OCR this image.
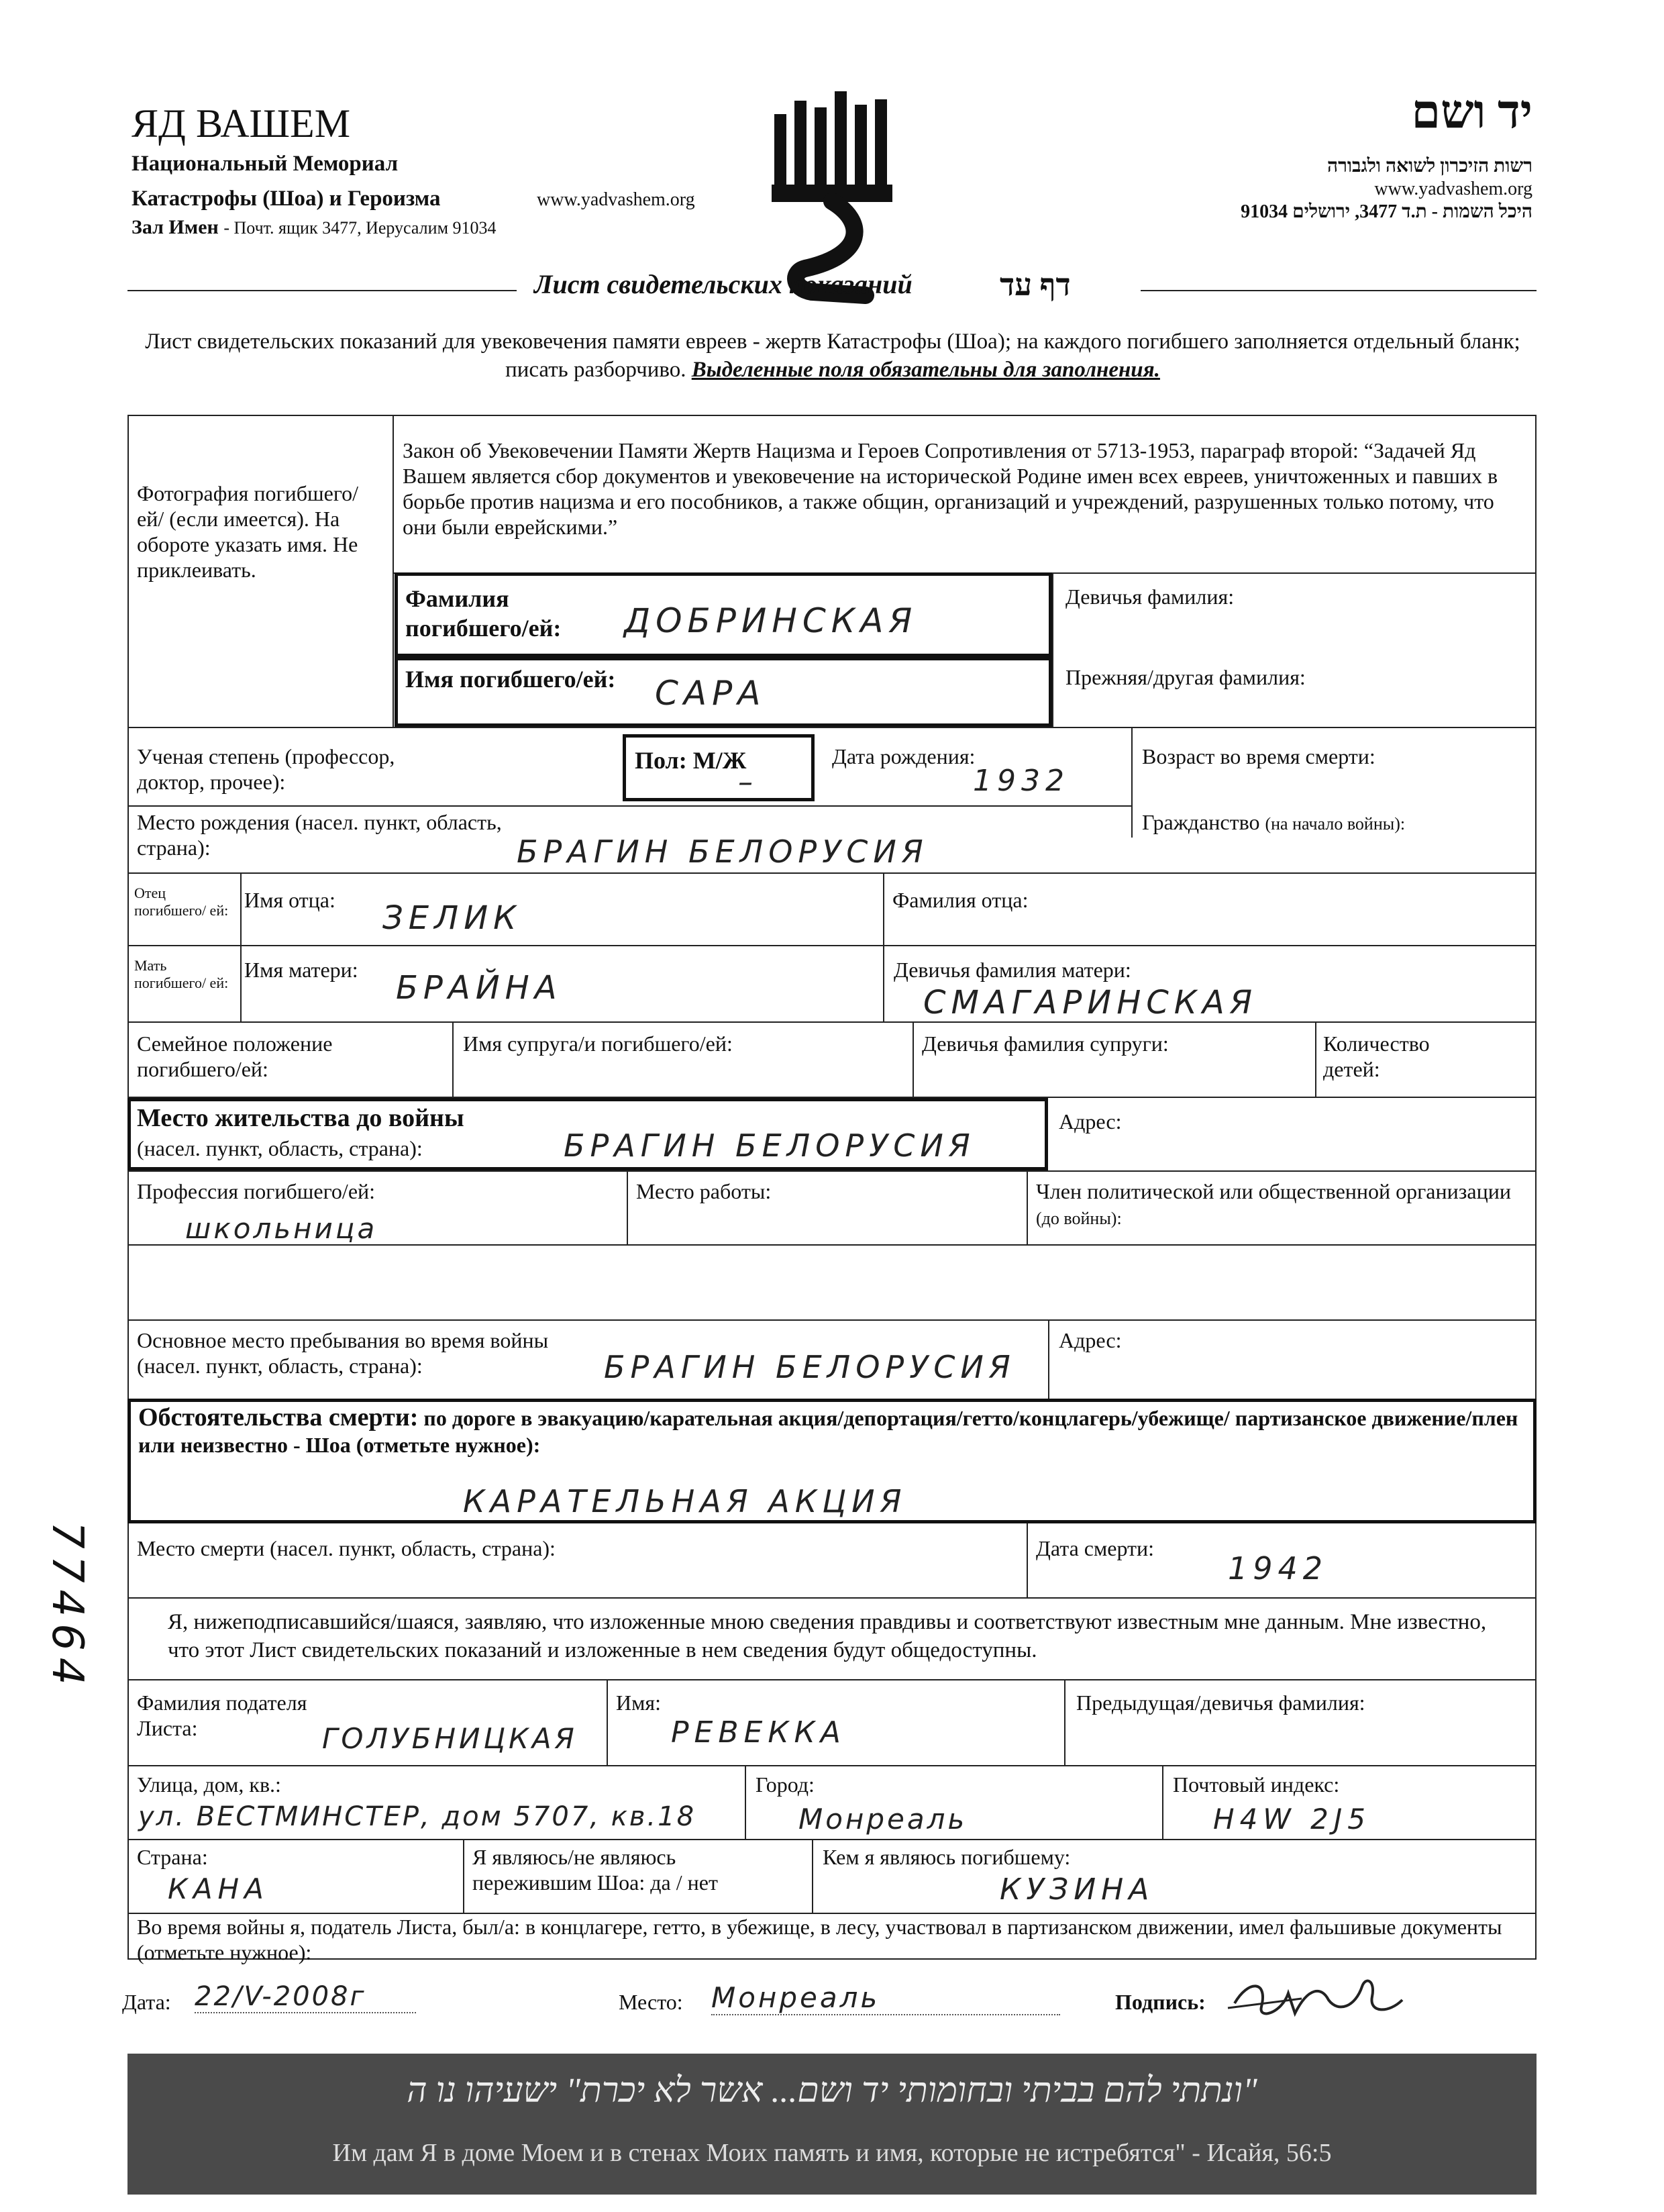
ЯД ВАШЕМ
Национальный Мемориал
Катастрофы (Шоа) и Героизма	www.yadvashem.org
Зал Имен - Почт. ящик 3477, Иерусалим 91034
יד ושם
רשות הזיכרון לשואה ולגבורה
www.yadvashem.org
היכל השמות - ת.ד 3477, ירושלים 91034
Лист свидетельских показаний	דף עד
Лист свидетельских показаний для увековечения памяти евреев - жертв Катастрофы (Шоа); на каждого погибшего заполняется отдельный бланк; писать разборчиво. Выделенные поля обязательны для заполнения.
Фотография погибшего/ей/ (если имеется). На обороте указать имя. Не приклеивать.
Закон об Увековечении Памяти Жертв Нацизма и Героев Сопротивления от 5713-1953, параграф второй: “Задачей Яд Вашем является сбор документов и увековечение на исторической Родине имен всех евреев, уничтоженных и павших в борьбе против нацизма и его пособников, а также общин, организаций и учреждений, разрушенных только потому, что они были еврейскими.”
Фамилия погибшего/ей:	ДОБРИНСКАЯ
Девичья фамилия:
Имя погибшего/ей: САРА	Прежняя/другая фамилия:
Ученая степень (профессор, доктор, прочее):
Пол: М/Ж
–
Дата рождения:
1932
Возраст во время смерти:
Место рождения (насел. пункт, область, страна):	БРАГИН БЕЛОРУСИЯ
Гражданство (на начало войны):
Отец погибшего/ ей: Имя отца: ЗЕЛИК	Фамилия отца:
Мать погибшего/ ей:
Имя матери: БРАЙНА	Девичья фамилия матери:
СМАГАРИНСКАЯ
Семейное положение погибшего/ей:
Имя супруга/и погибшего/ей:	Девичья фамилия супруги:	Количество детей:
Место жительства до войны
(насел. пункт, область, страна):	БРАГИН БЕЛОРУСИЯ
Адрес:
Профессия погибшего/ей:
школьница
Место работы:	Член политической или общественной организации (до войны):
Основное место пребывания во время войны (насел. пункт, область, страна):	БРАГИН БЕЛОРУСИЯ
Адрес:
Обстоятельства смерти: по дороге в эвакуацию/карательная акция/депортация/гетто/концлагерь/убежище/ партизанское движение/плен или неизвестно - Шоа (отметьте нужное):
КАРАТЕЛЬНАЯ АКЦИЯ
Место смерти (насел. пункт, область, страна):	Дата смерти:
1942
Я, нижеподписавшийся/шаяся, заявляю, что изложенные мною сведения правдивы и соответствуют известным мне данным. Мне известно, что этот Лист свидетельских показаний и изложенные в нем сведения будут общедоступны.
Фамилия подателя Листа:	ГОЛУБНИЦКАЯ
Имя:
РЕВЕККА
Предыдущая/девичья фамилия:
Улица, дом, кв.:
ул. ВЕСТМИНСТЕР, дом 5707, кв.18
Город:
Монреаль
Почтовый индекс:
H4W 2J5
Страна:
КАНА
Я являюсь/не являюсь пережившим Шоа: да / нет
Кем я являюсь погибшему:
КУЗИНА
Во время войны я, податель Листа, был/а: в концлагере, гетто, в убежище, в лесу, участвовал в партизанском движении, имел фальшивые документы (отметьте нужное):
Дата: 22/V-2008г	Место: Монреаль	Подпись:
"ונתתי להם בביתי ובחומותי יד ושם... אשר לא יכרת" ישעיהו נו ה
Им дам Я в доме Моем и в стенах Моих память и имя, которые не истребятся" - Исайя, 56:5
77464
